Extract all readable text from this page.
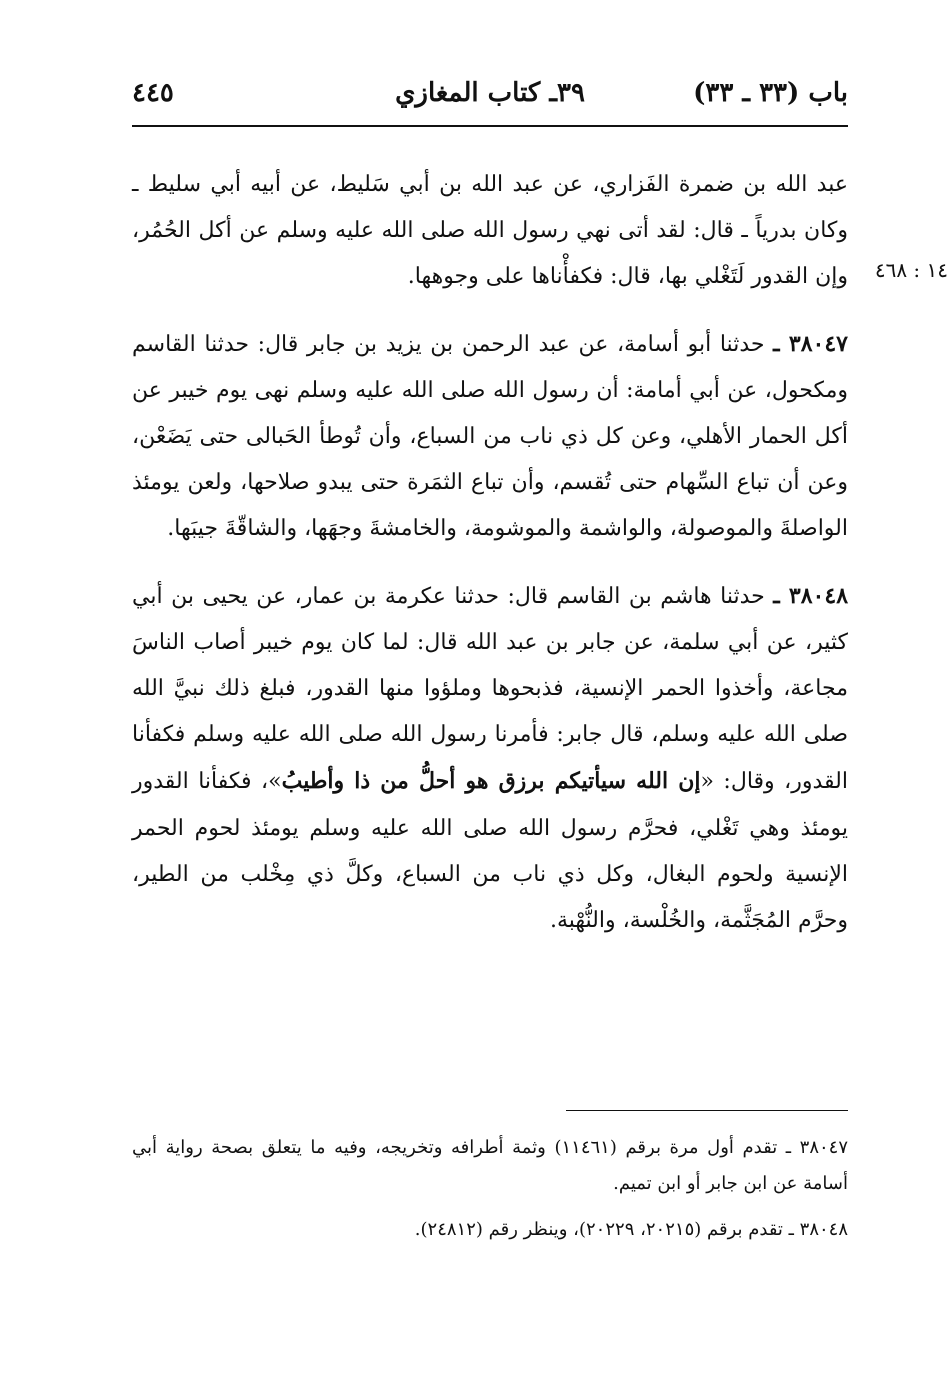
باب (٣٣ ـ ٣٣)
٣٩ـ كتاب المغازي
٤٤٥
١٤ : ٤٦٨

عبد الله بن ضمرة الفَزاري، عن عبد الله بن أبي سَليط، عن أبيه أبي سليط ـ وكان بدرياً ـ قال: لقد أتى نهي رسول الله صلى الله عليه وسلم عن أكل الحُمُر، وإن القدور لَتَغْلي بها، قال: فكفأْناها على وجوهها.

٣٨٠٤٧ ـ حدثنا أبو أسامة، عن عبد الرحمن بن يزيد بن جابر قال: حدثنا القاسم ومكحول، عن أبي أمامة: أن رسول الله صلى الله عليه وسلم نهى يوم خيبر عن أكل الحمار الأهلي، وعن كل ذي ناب من السباع، وأن تُوطأ الحَبالى حتى يَضَعْن، وعن أن تباع السِّهام حتى تُقسم، وأن تباع الثمَرة حتى يبدو صلاحها، ولعن يومئذ الواصلةَ والموصولة، والواشمة والموشومة، والخامشةَ وجهَها، والشاقّةَ جيبَها.

٣٨٠٤٨ ـ حدثنا هاشم بن القاسم قال: حدثنا عكرمة بن عمار، عن يحيى بن أبي كثير، عن أبي سلمة، عن جابر بن عبد الله قال: لما كان يوم خيبر أصاب الناسَ مجاعة، وأخذوا الحمر الإنسية، فذبحوها وملؤوا منها القدور، فبلغ ذلك نبيَّ الله صلى الله عليه وسلم، قال جابر: فأمرنا رسول الله صلى الله عليه وسلم فكفأنا القدور، وقال: «إن الله سيأتيكم برزق هو أحلُّ من ذا وأطيبُ»، فكفأنا القدور يومئذ وهي تَغْلي، فحرَّم رسول الله صلى الله عليه وسلم يومئذ لحوم الحمر الإنسية ولحوم البغال، وكل ذي ناب من السباع، وكلَّ ذي مِخْلب من الطير، وحرَّم المُجَثَّمة، والخُلْسة، والنُّهْبة.

٣٨٠٤٧ ـ تقدم أول مرة برقم (١١٤٦١) وثمة أطرافه وتخريجه، وفيه ما يتعلق بصحة رواية أبي أسامة عن ابن جابر أو ابن تميم.

٣٨٠٤٨ ـ تقدم برقم (٢٠٢١٥، ٢٠٢٢٩)، وينظر رقم (٢٤٨١٢).
